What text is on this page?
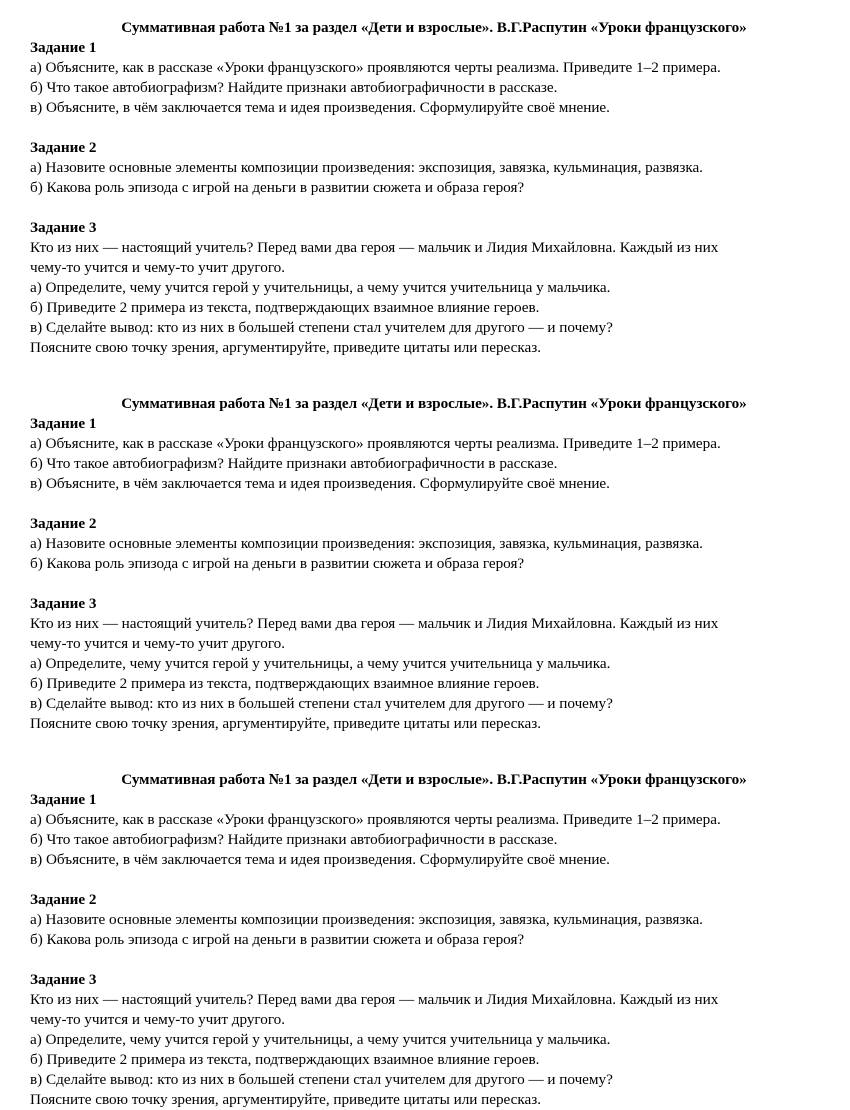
Суммативная работа №1 за раздел «Дети и взрослые». В.Г.Распутин «Уроки французского»
Задание 1
а) Объясните, как в рассказе «Уроки французского» проявляются черты реализма. Приведите 1–2 примера.
б) Что такое автобиографизм? Найдите признаки автобиографичности в рассказе.
в) Объясните, в чём заключается тема и идея произведения. Сформулируйте своё мнение.

Задание 2
а) Назовите основные элементы композиции произведения: экспозиция, завязка, кульминация, развязка.
б) Какова роль эпизода с игрой на деньги в развитии сюжета и образа героя?

Задание 3
Кто из них — настоящий учитель? Перед вами два героя — мальчик и Лидия Михайловна. Каждый из них
чему-то учится и чему-то учит другого.
а) Определите, чему учится герой у учительницы, а чему учится учительница у мальчика.
б) Приведите 2 примера из текста, подтверждающих взаимное влияние героев.
в) Сделайте вывод: кто из них в большей степени стал учителем для другого — и почему?
Поясните свою точку зрения, аргументируйте, приведите цитаты или пересказ.
Суммативная работа №1 за раздел «Дети и взрослые». В.Г.Распутин «Уроки французского»
Задание 1
а) Объясните, как в рассказе «Уроки французского» проявляются черты реализма. Приведите 1–2 примера.
б) Что такое автобиографизм? Найдите признаки автобиографичности в рассказе.
в) Объясните, в чём заключается тема и идея произведения. Сформулируйте своё мнение.

Задание 2
а) Назовите основные элементы композиции произведения: экспозиция, завязка, кульминация, развязка.
б) Какова роль эпизода с игрой на деньги в развитии сюжета и образа героя?

Задание 3
Кто из них — настоящий учитель? Перед вами два героя — мальчик и Лидия Михайловна. Каждый из них
чему-то учится и чему-то учит другого.
а) Определите, чему учится герой у учительницы, а чему учится учительница у мальчика.
б) Приведите 2 примера из текста, подтверждающих взаимное влияние героев.
в) Сделайте вывод: кто из них в большей степени стал учителем для другого — и почему?
Поясните свою точку зрения, аргументируйте, приведите цитаты или пересказ.
Суммативная работа №1 за раздел «Дети и взрослые». В.Г.Распутин «Уроки французского»
Задание 1
а) Объясните, как в рассказе «Уроки французского» проявляются черты реализма. Приведите 1–2 примера.
б) Что такое автобиографизм? Найдите признаки автобиографичности в рассказе.
в) Объясните, в чём заключается тема и идея произведения. Сформулируйте своё мнение.

Задание 2
а) Назовите основные элементы композиции произведения: экспозиция, завязка, кульминация, развязка.
б) Какова роль эпизода с игрой на деньги в развитии сюжета и образа героя?

Задание 3
Кто из них — настоящий учитель? Перед вами два героя — мальчик и Лидия Михайловна. Каждый из них
чему-то учится и чему-то учит другого.
а) Определите, чему учится герой у учительницы, а чему учится учительница у мальчика.
б) Приведите 2 примера из текста, подтверждающих взаимное влияние героев.
в) Сделайте вывод: кто из них в большей степени стал учителем для другого — и почему?
Поясните свою точку зрения, аргументируйте, приведите цитаты или пересказ.
